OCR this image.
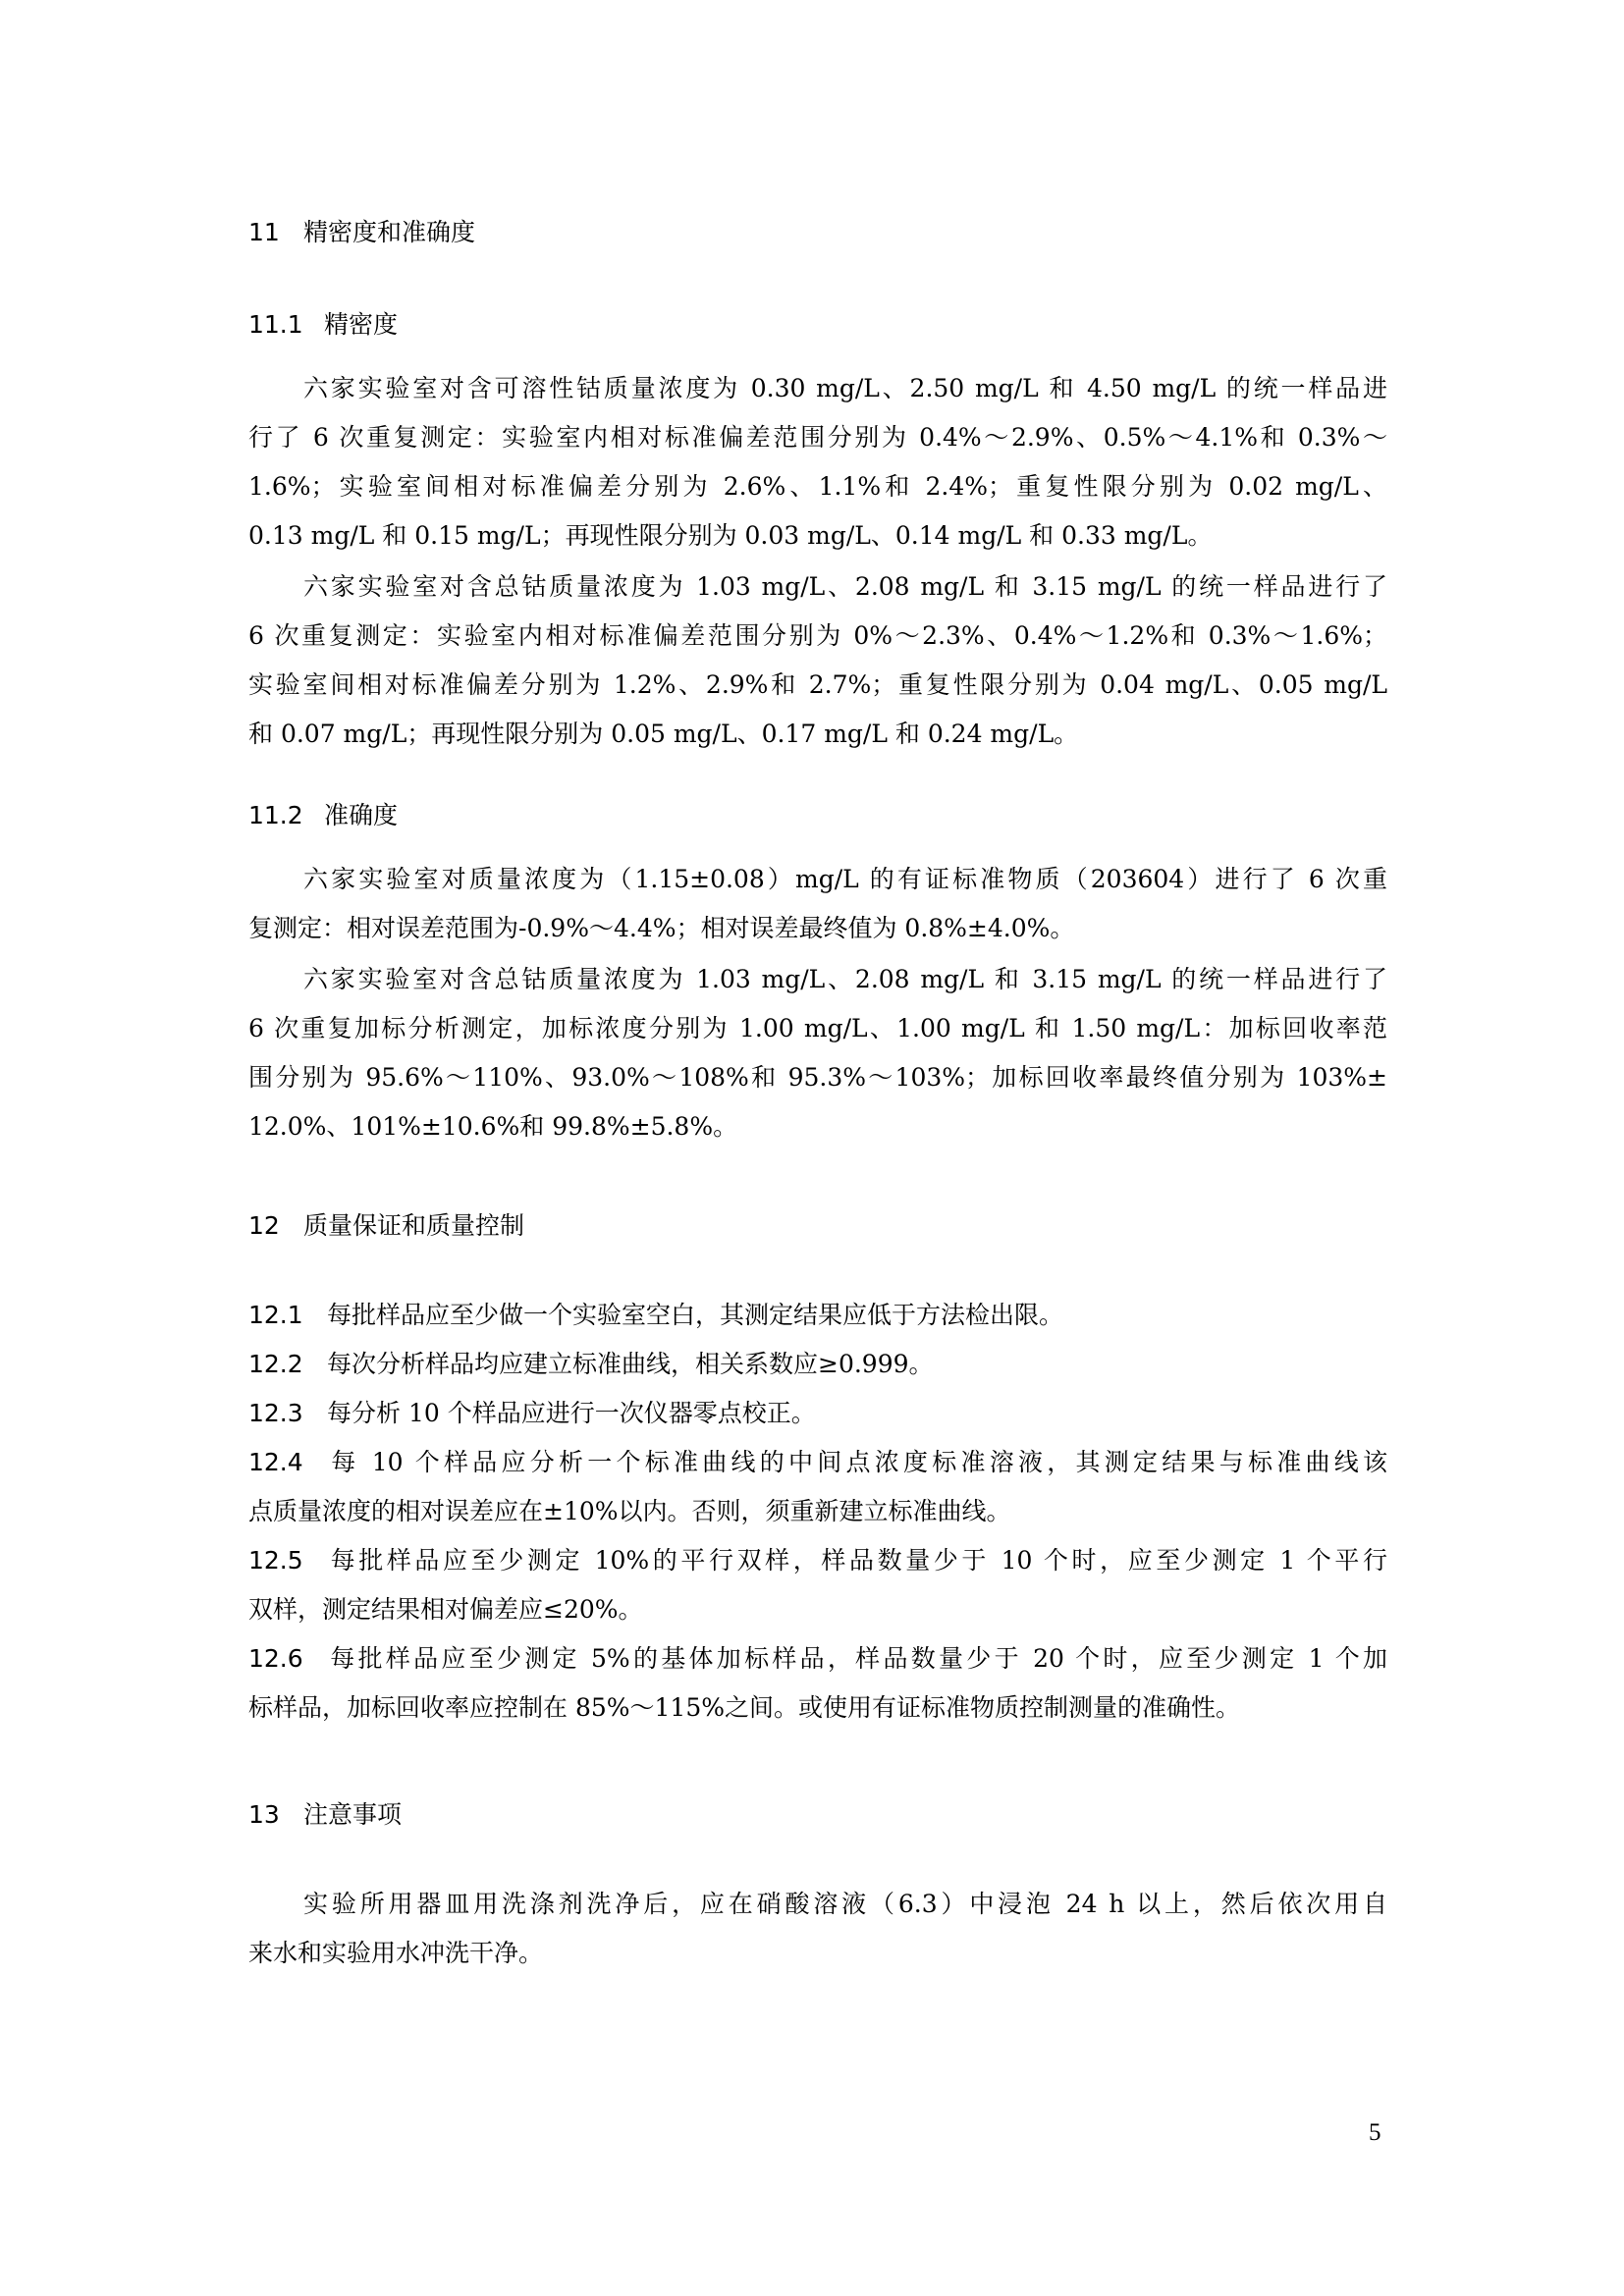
11 精密度和准确度
11.1 精密度
六家实验室对含可溶性钴质量浓度为 0.30 mg/L、2.50 mg/L 和 4.50 mg/L 的统一样品进
行了 6 次重复测定：实验室内相对标准偏差范围分别为 0.4%～2.9%、0.5%～4.1%和 0.3%～
1.6%；实验室间相对标准偏差分别为 2.6%、1.1%和 2.4%；重复性限分别为 0.02 mg/L、
0.13 mg/L 和 0.15 mg/L；再现性限分别为 0.03 mg/L、0.14 mg/L 和 0.33 mg/L。
六家实验室对含总钴质量浓度为 1.03 mg/L、2.08 mg/L 和 3.15 mg/L 的统一样品进行了
6 次重复测定：实验室内相对标准偏差范围分别为 0%～2.3%、0.4%～1.2%和 0.3%～1.6%；
实验室间相对标准偏差分别为 1.2%、2.9%和 2.7%；重复性限分别为 0.04 mg/L、0.05 mg/L
和 0.07 mg/L；再现性限分别为 0.05 mg/L、0.17 mg/L 和 0.24 mg/L。
11.2 准确度
六家实验室对质量浓度为（1.15±0.08）mg/L 的有证标准物质（203604）进行了 6 次重
复测定：相对误差范围为-0.9%～4.4%；相对误差最终值为 0.8%±4.0%。
六家实验室对含总钴质量浓度为 1.03 mg/L、2.08 mg/L 和 3.15 mg/L 的统一样品进行了
6 次重复加标分析测定，加标浓度分别为 1.00 mg/L、1.00 mg/L 和 1.50 mg/L：加标回收率范
围分别为 95.6%～110%、93.0%～108%和 95.3%～103%；加标回收率最终值分别为 103%±
12.0%、101%±10.6%和 99.8%±5.8%。
12 质量保证和质量控制
12.1 每批样品应至少做一个实验室空白，其测定结果应低于方法检出限。
12.2 每次分析样品均应建立标准曲线，相关系数应≥0.999。
12.3 每分析 10 个样品应进行一次仪器零点校正。
12.4 每 10 个样品应分析一个标准曲线的中间点浓度标准溶液，其测定结果与标准曲线该
点质量浓度的相对误差应在±10%以内。否则，须重新建立标准曲线。
12.5 每批样品应至少测定 10%的平行双样，样品数量少于 10 个时，应至少测定 1 个平行
双样，测定结果相对偏差应≤20%。
12.6 每批样品应至少测定 5%的基体加标样品，样品数量少于 20 个时，应至少测定 1 个加
标样品，加标回收率应控制在 85%～115%之间。或使用有证标准物质控制测量的准确性。
13 注意事项
实验所用器皿用洗涤剂洗净后，应在硝酸溶液（6.3）中浸泡 24 h 以上，然后依次用自
来水和实验用水冲洗干净。
5
